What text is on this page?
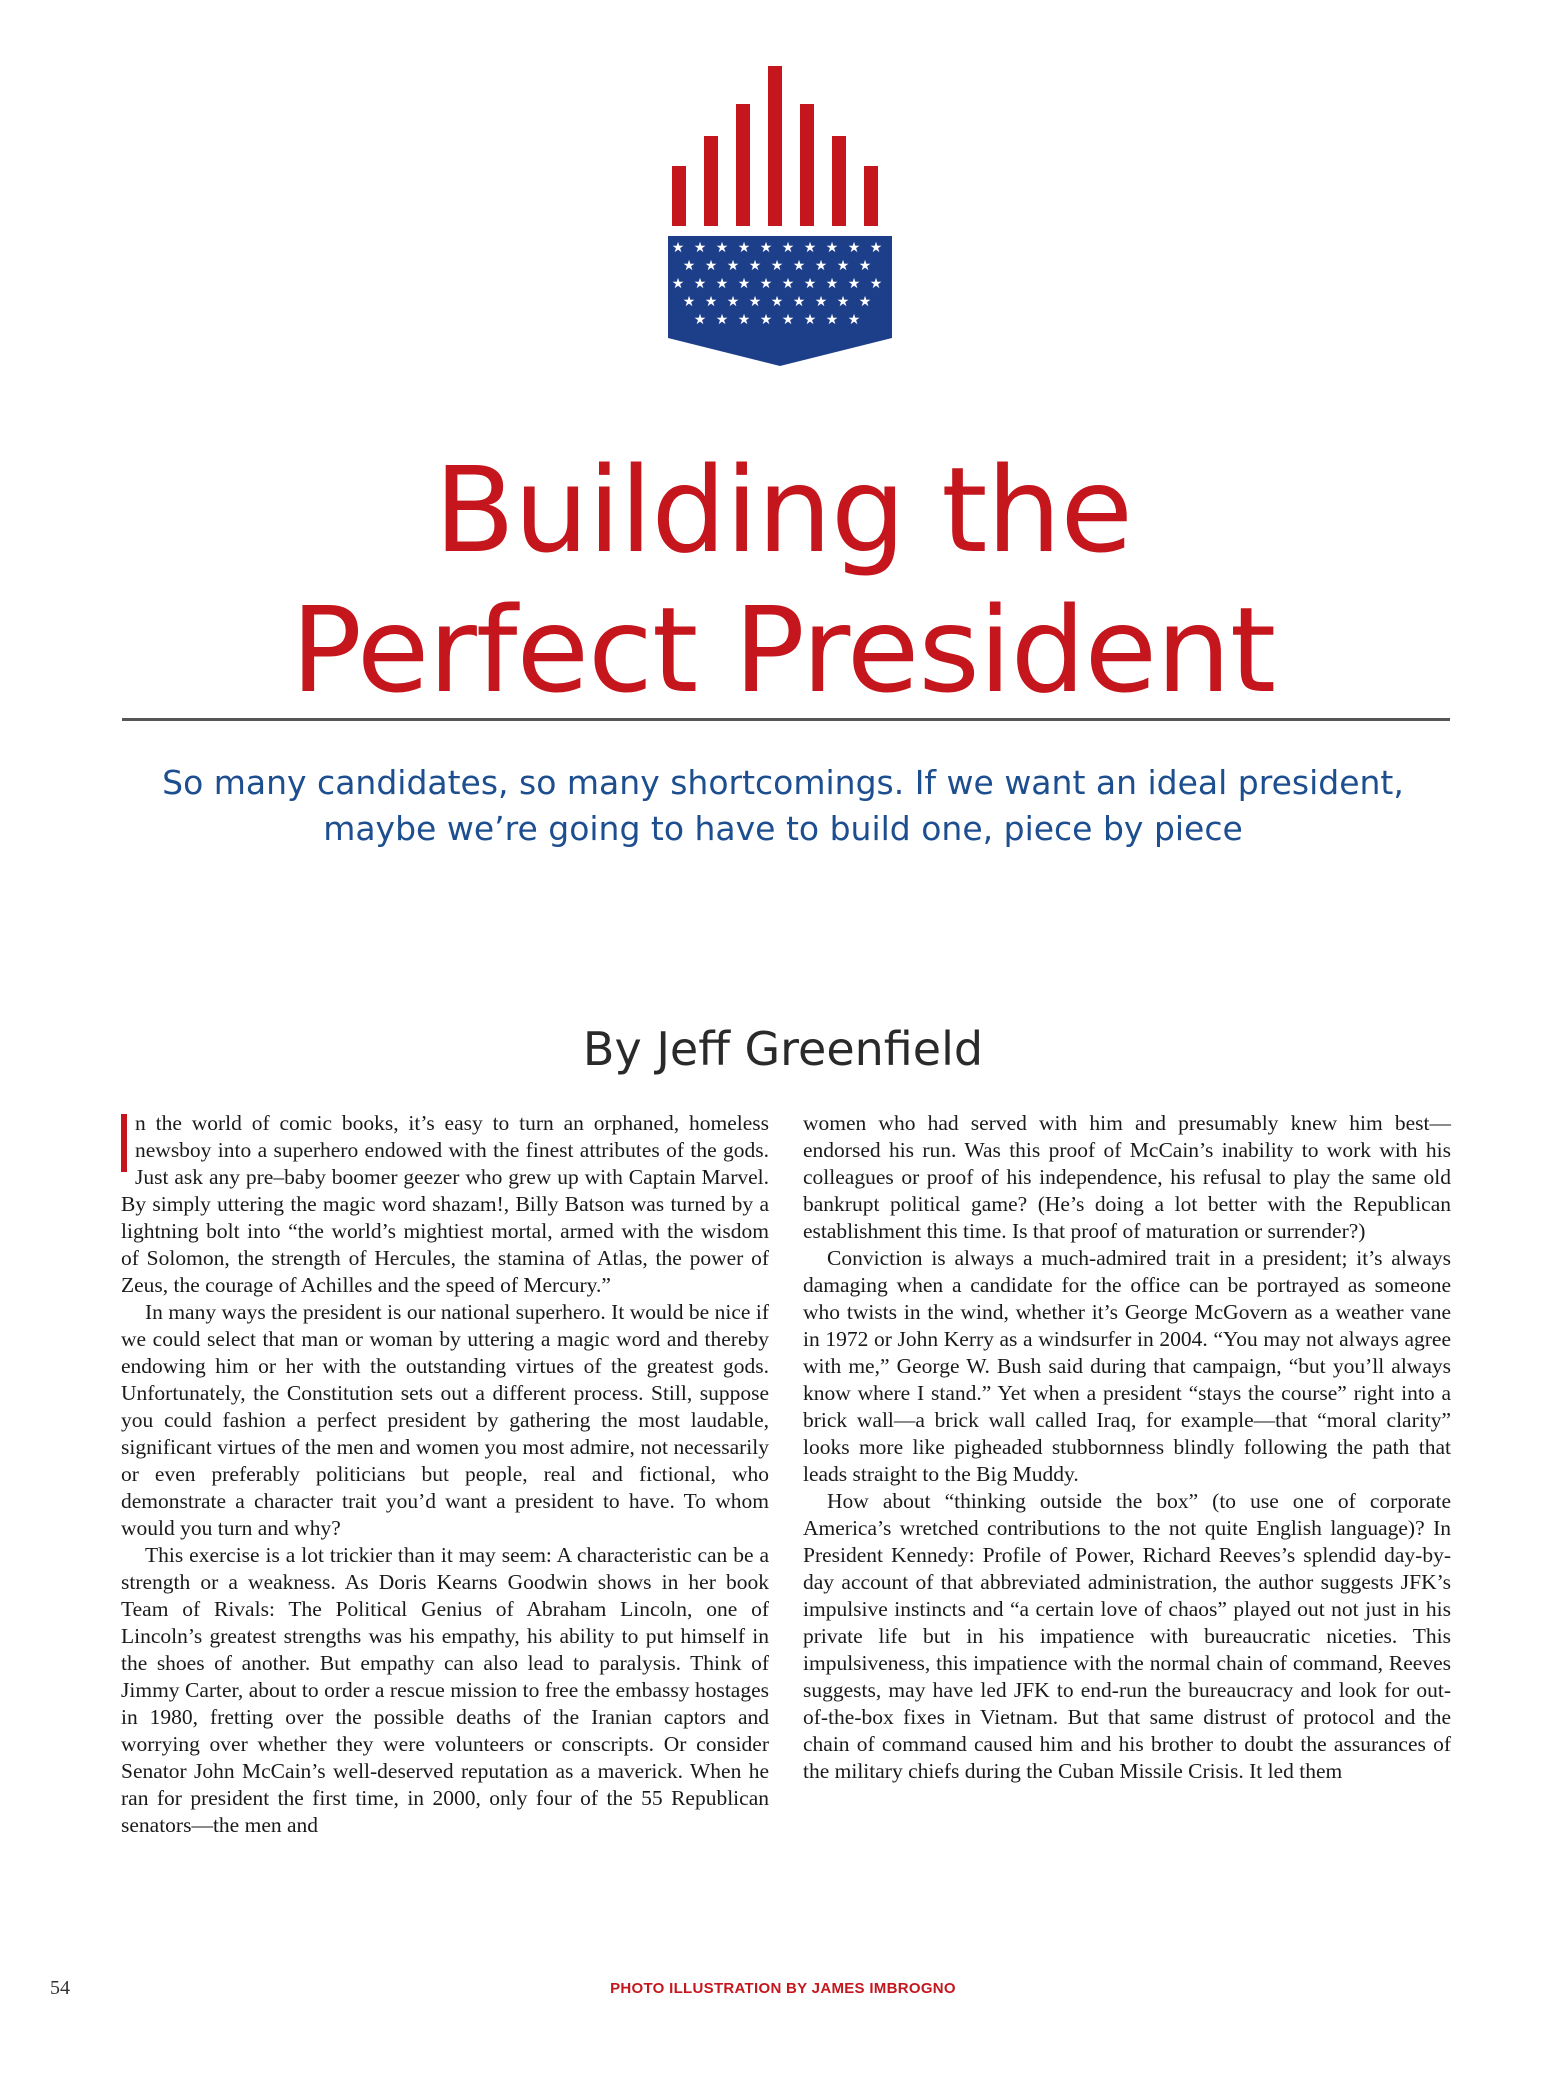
★ ★ ★ ★ ★ ★ ★ ★ ★ ★
★ ★ ★ ★ ★ ★ ★ ★ ★
★ ★ ★ ★ ★ ★ ★ ★ ★ ★
★ ★ ★ ★ ★ ★ ★ ★ ★
★ ★ ★ ★ ★ ★ ★ ★
Building the
Perfect President
So many candidates, so many shortcomings. If we want an ideal president,
maybe we’re going to have to build one, piece by piece
By Jeff Greenfield

n the world of comic books, it’s easy to turn an orphaned, homeless newsboy into a superhero endowed with the finest attributes of the gods. Just ask any pre–baby boomer geezer who grew up with Captain Marvel. By simply uttering the magic word shazam!, Billy Batson was turned by a lightning bolt into “the world’s mightiest mortal, armed with the wisdom of Solomon, the strength of Hercules, the stamina of Atlas, the power of Zeus, the courage of Achilles and the speed of Mercury.”

In many ways the president is our national superhero. It would be nice if we could select that man or woman by uttering a magic word and thereby endowing him or her with the outstanding virtues of the greatest gods. Unfortunately, the Constitution sets out a different process. Still, suppose you could fashion a perfect president by gathering the most laudable, significant virtues of the men and women you most admire, not necessarily or even preferably politicians but people, real and fictional, who demonstrate a character trait you’d want a president to have. To whom would you turn and why?

This exercise is a lot trickier than it may seem: A characteristic can be a strength or a weakness. As Doris Kearns Goodwin shows in her book Team of Rivals: The Political Genius of Abraham Lincoln, one of Lincoln’s greatest strengths was his empathy, his ability to put himself in the shoes of another. But empathy can also lead to paralysis. Think of Jimmy Carter, about to order a rescue mission to free the embassy hostages in 1980, fretting over the possible deaths of the Iranian captors and worrying over whether they were volunteers or conscripts. Or consider Senator John McCain’s well-deserved reputation as a maverick. When he ran for president the first time, in 2000, only four of the 55 Republican senators—the men and

women who had served with him and presumably knew him best—endorsed his run. Was this proof of McCain’s inability to work with his colleagues or proof of his independence, his refusal to play the same old bankrupt political game? (He’s doing a lot better with the Republican establishment this time. Is that proof of maturation or surrender?)

Conviction is always a much-admired trait in a president; it’s always damaging when a candidate for the office can be portrayed as someone who twists in the wind, whether it’s George McGovern as a weather vane in 1972 or John Kerry as a windsurfer in 2004. “You may not always agree with me,” George W. Bush said during that campaign, “but you’ll always know where I stand.” Yet when a president “stays the course” right into a brick wall—a brick wall called Iraq, for example—that “moral clarity” looks more like pigheaded stubbornness blindly following the path that leads straight to the Big Muddy.

How about “thinking outside the box” (to use one of corporate America’s wretched contributions to the not quite English language)? In President Kennedy: Profile of Power, Richard Reeves’s splendid day-by-day account of that abbreviated administration, the author suggests JFK’s impulsive instincts and “a certain love of chaos” played out not just in his private life but in his impatience with bureaucratic niceties. This impulsiveness, this impatience with the normal chain of command, Reeves suggests, may have led JFK to end-run the bureaucracy and look for out-of-the-box fixes in Vietnam. But that same distrust of protocol and the chain of command caused him and his brother to doubt the assurances of the military chiefs during the Cuban Missile Crisis. It led them

54	PHOTO ILLUSTRATION BY JAMES IMBROGNO
